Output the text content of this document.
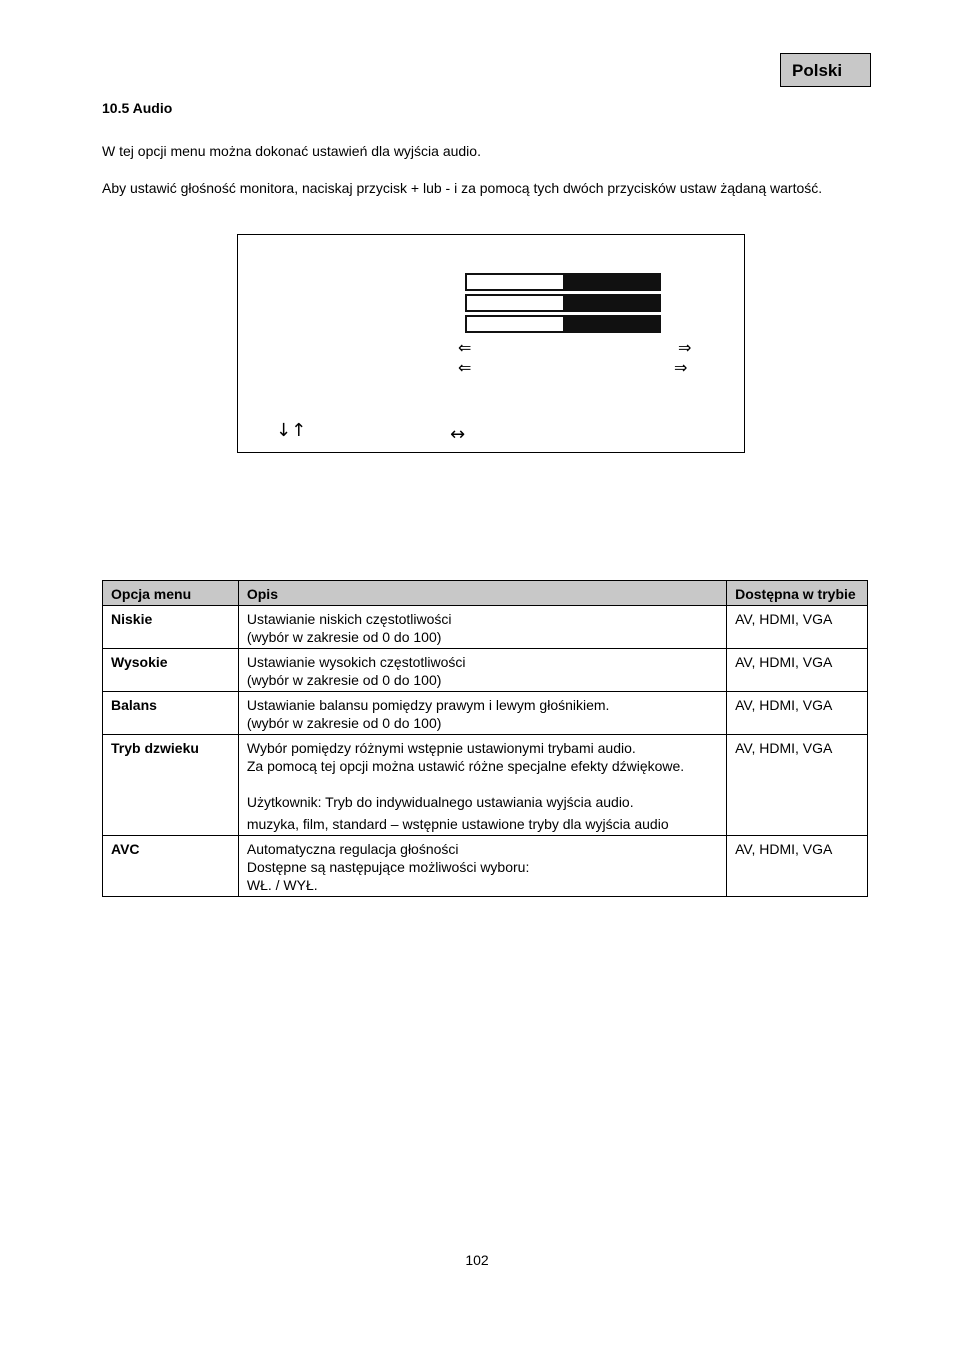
Polski
10.5 Audio
W tej opcji menu można dokonać ustawień dla wyjścia audio.
Aby ustawić głośność monitora, naciskaj przycisk + lub - i za pomocą tych dwóch przycisków ustaw żądaną wartość.
⇐	⇒
⇐	⇒
↓↑	↔
Opcja menu	Opis	Dostępna w trybie
Niskie	Ustawianie niskich częstotliwości
(wybór w zakresie od 0 do 100)	AV, HDMI, VGA
Wysokie	Ustawianie wysokich częstotliwości
(wybór w zakresie od 0 do 100)	AV, HDMI, VGA
Balans	Ustawianie balansu pomiędzy prawym i lewym głośnikiem.
(wybór w zakresie od 0 do 100)	AV, HDMI, VGA
Tryb dzwieku	Wybór pomiędzy różnymi wstępnie ustawionymi trybami audio.
Za pomocą tej opcji można ustawić różne specjalne efekty dźwiękowe.
Użytkownik: Tryb do indywidualnego ustawiania wyjścia audio.
muzyka, film, standard – wstępnie ustawione tryby dla wyjścia audio	AV, HDMI, VGA
AVC	Automatyczna regulacja głośności
Dostępne są następujące możliwości wyboru:
WŁ. / WYŁ.	AV, HDMI, VGA
102
